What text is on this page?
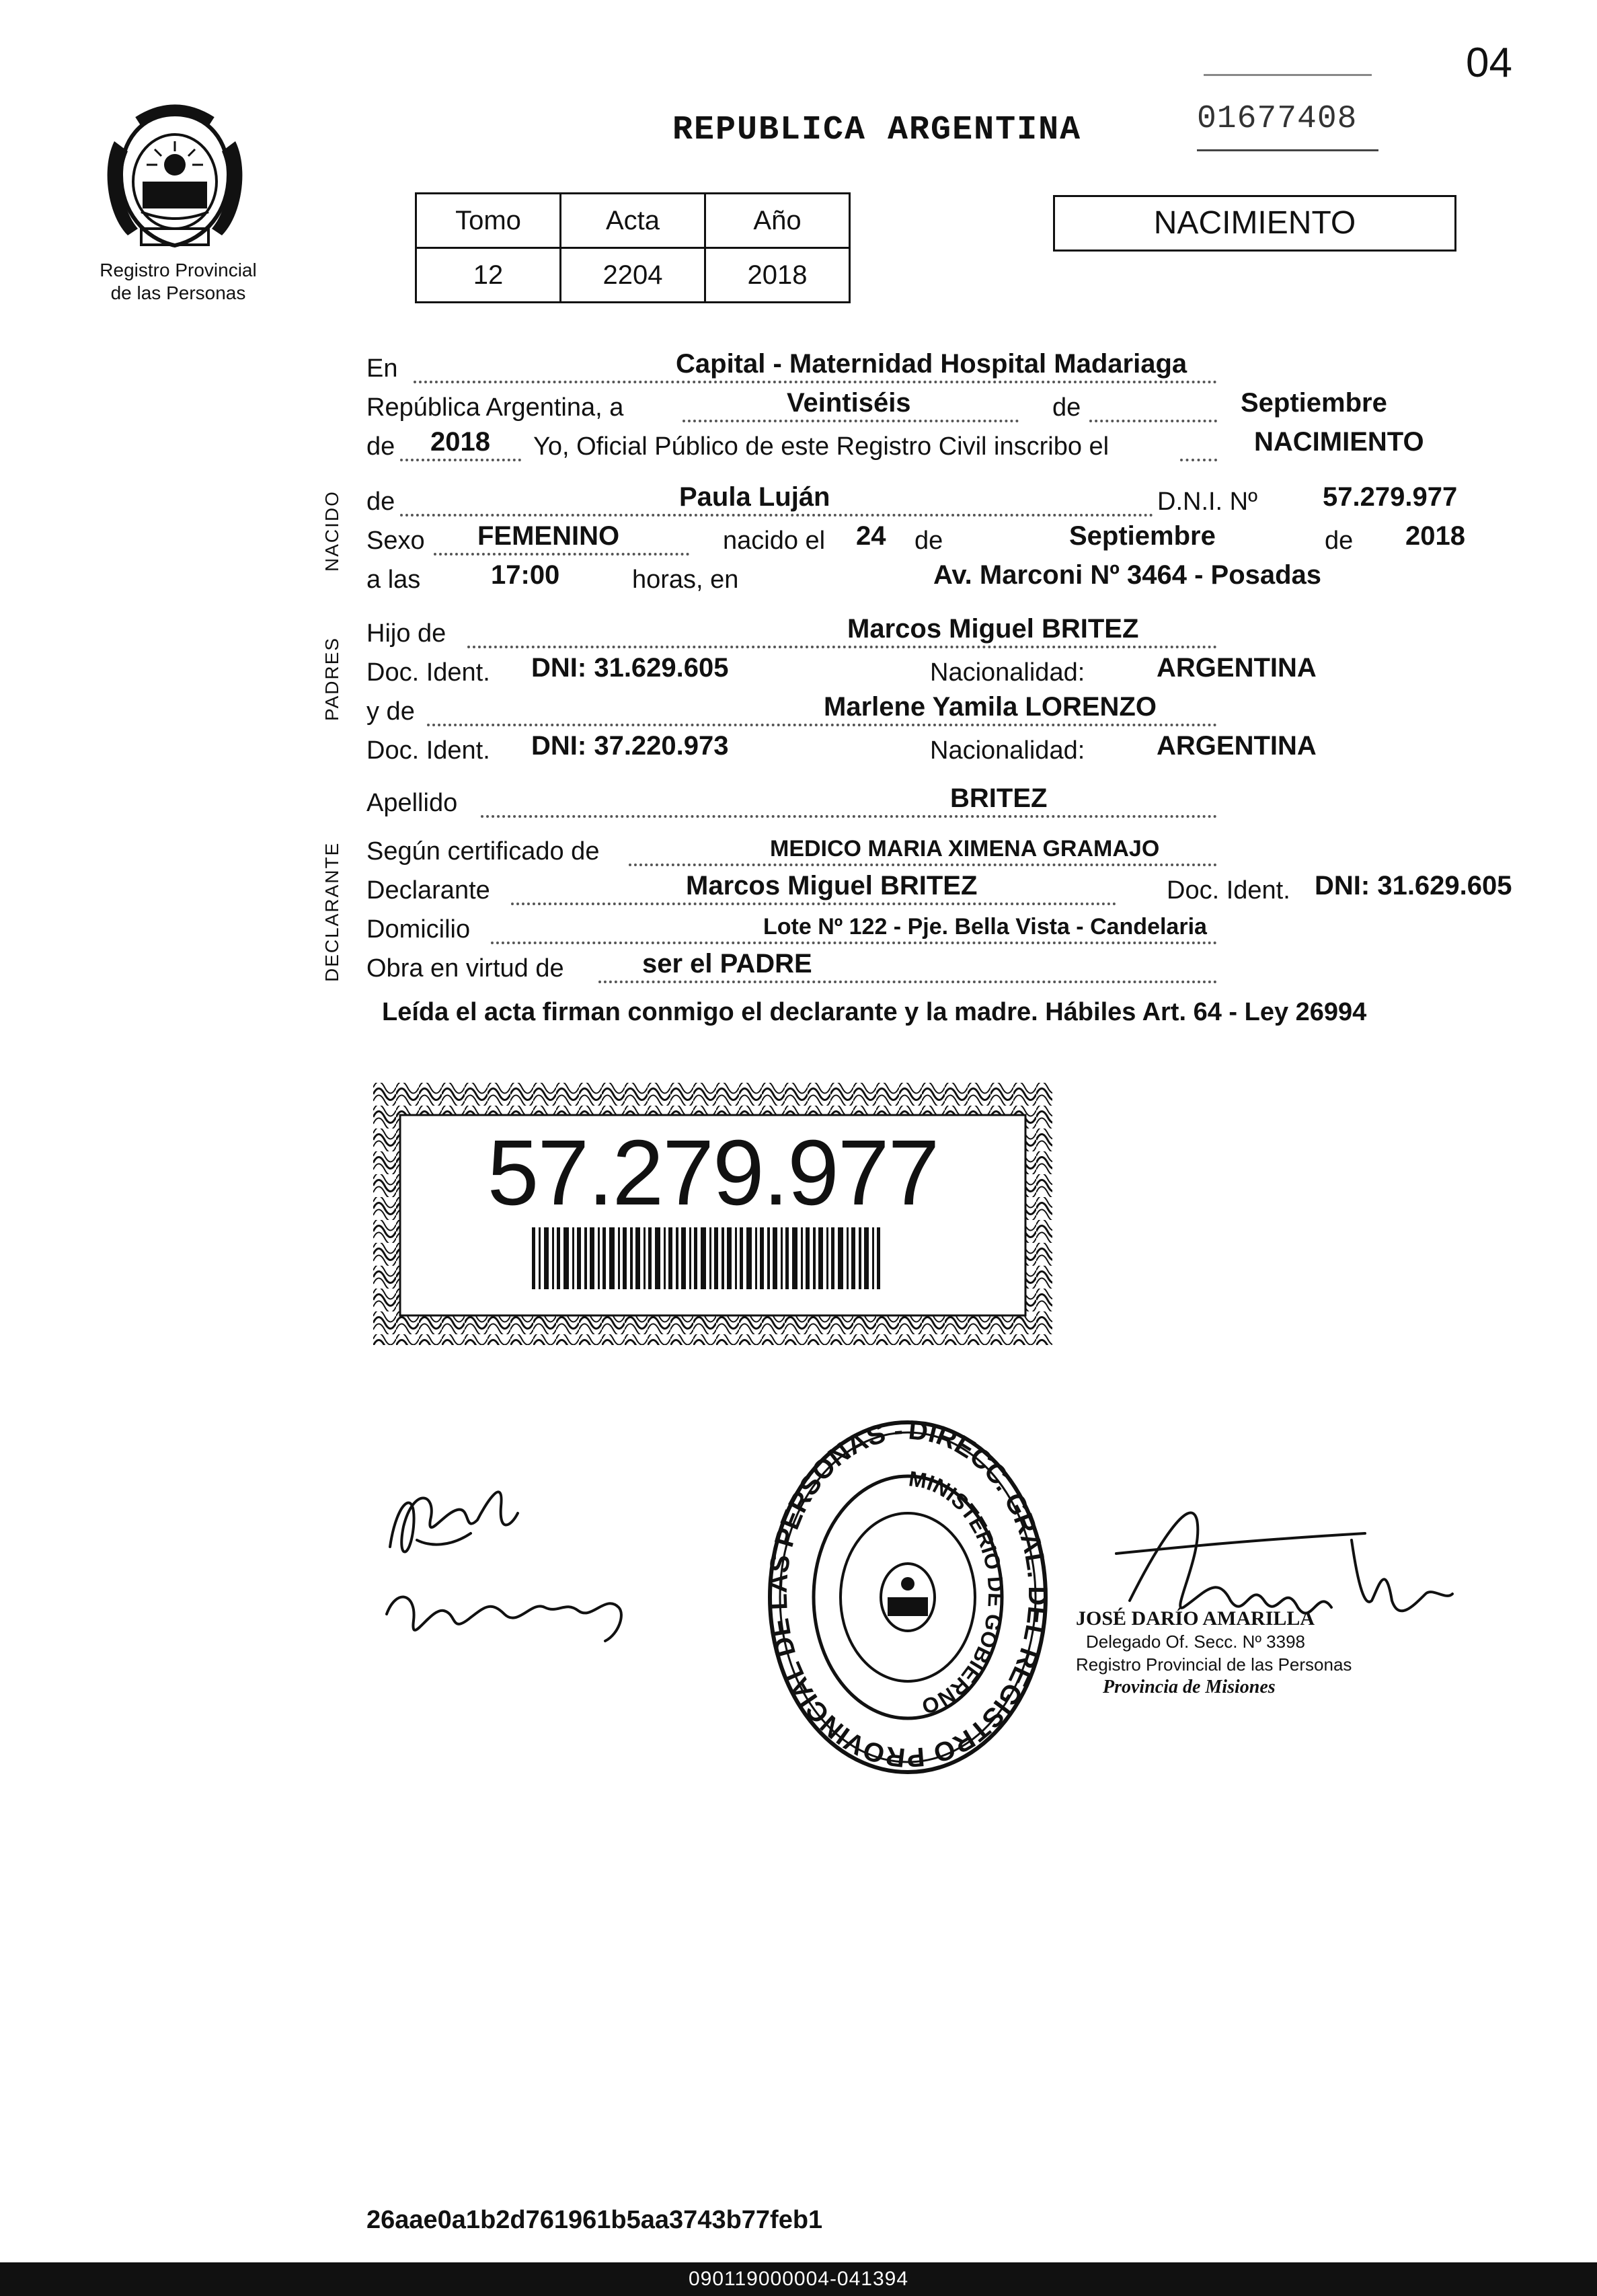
04
01677408
Registro Provincial
de las Personas
REPUBLICA ARGENTINA
Tomo	Acta	Año
12	2204	2018
NACIMIENTO
NACIDO
PADRES
DECLARANTE
En	Capital - Maternidad Hospital Madariaga
República Argentina, a	Veintiséis	de	Septiembre
de 2018 Yo, Oficial Público de este Registro Civil inscribo el	NACIMIENTO
de	Paula Luján	D.N.I. Nº 57.279.977
Sexo FEMENINO	nacido el 24 de	Septiembre	de 2018
a las	17:00	horas, en	Av. Marconi Nº 3464 - Posadas
Hijo de	Marcos Miguel BRITEZ
Doc. Ident. DNI: 31.629.605	Nacionalidad:	ARGENTINA
y de	Marlene Yamila LORENZO
Doc. Ident. DNI: 37.220.973	Nacionalidad:	ARGENTINA
Apellido	BRITEZ
Según certificado de	MEDICO MARIA XIMENA GRAMAJO
Declarante	Marcos Miguel BRITEZ	Doc. Ident. DNI: 31.629.605
Domicilio	Lote Nº 122 - Pje. Bella Vista - Candelaria
Obra en virtud de	ser el PADRE
Leída el acta firman conmigo el declarante y la madre. Hábiles Art. 64 - Ley 26994
57.279.977
DIRECC. GRAL. DEL REGISTRO PROVINCIAL DE LAS PERSONAS -
MINISTERIO DE GOBIERNO
JOSÉ DARÍO AMARILLA
Delegado Of. Secc. Nº 3398
Registro Provincial de las Personas
Provincia de Misiones
26aae0a1b2d761961b5aa3743b77feb1
090119000004-041394
